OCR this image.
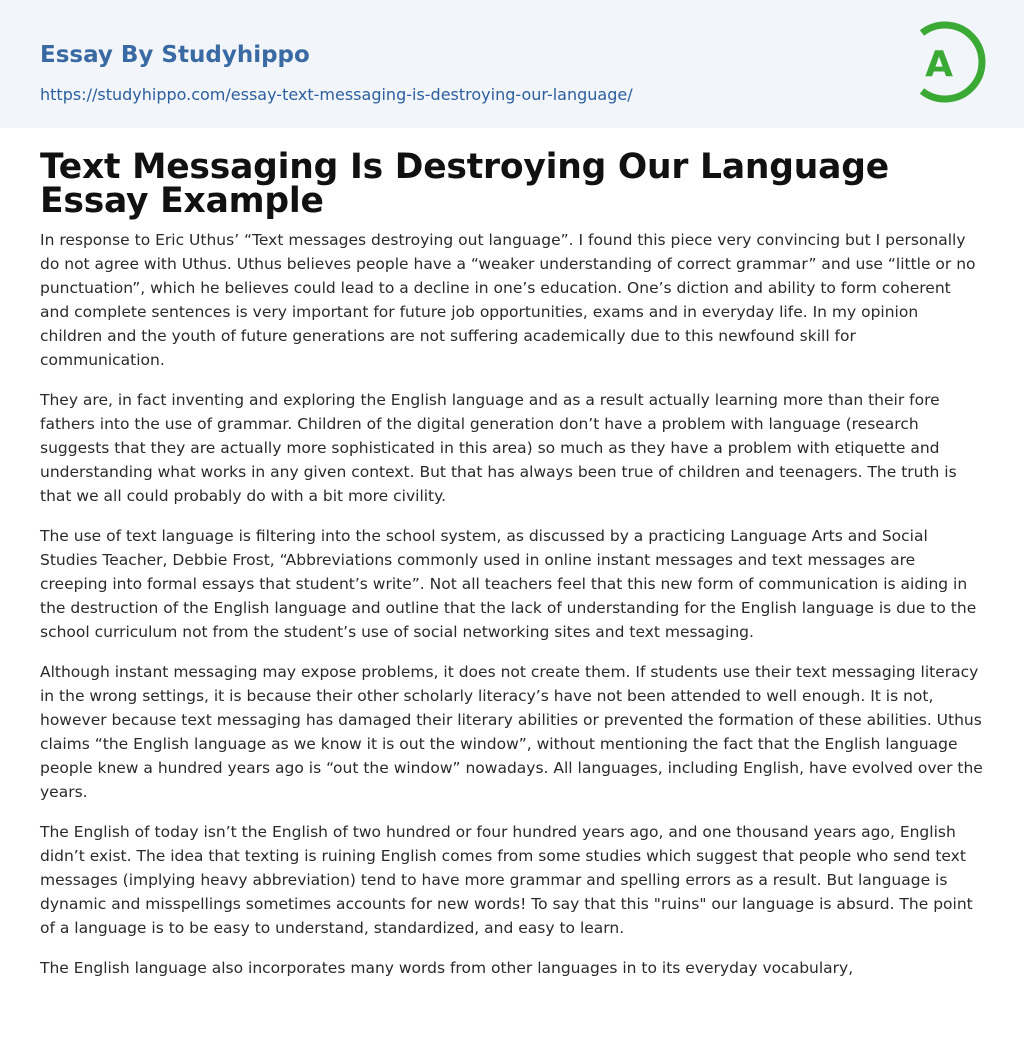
Essay By Studyhippo
https://studyhippo.com/essay-text-messaging-is-destroying-our-language/
A
Text Messaging Is Destroying Our Language Essay Example

In response to Eric Uthus’ “Text messages destroying out language”. I found this piece very convincing but I personally do not agree with Uthus. Uthus believes people have a “weaker understanding of correct grammar” and use “little or no punctuation”, which he believes could lead to a decline in one’s education. One’s diction and ability to form coherent and complete sentences is very important for future job opportunities, exams and in everyday life. In my opinion children and the youth of future generations are not suffering academically due to this newfound skill for communication.

They are, in fact inventing and exploring the English language and as a result actually learning more than their fore fathers into the use of grammar. Children of the digital generation don’t have a problem with language (research suggests that they are actually more sophisticated in this area) so much as they have a problem with etiquette and understanding what works in any given context. But that has always been true of children and teenagers. The truth is that we all could probably do with a bit more civility.

The use of text language is filtering into the school system, as discussed by a practicing Language Arts and Social Studies Teacher, Debbie Frost, “Abbreviations commonly used in online instant messages and text messages are creeping into formal essays that student’s write”. Not all teachers feel that this new form of communication is aiding in the destruction of the English language and outline that the lack of understanding for the English language is due to the school curriculum not from the student’s use of social networking sites and text messaging.

Although instant messaging may expose problems, it does not create them. If students use their text messaging literacy in the wrong settings, it is because their other scholarly literacy’s have not been attended to well enough. It is not, however because text messaging has damaged their literary abilities or prevented the formation of these abilities. Uthus claims “the English language as we know it is out the window”, without mentioning the fact that the English language people knew a hundred years ago is “out the window” nowadays. All languages, including English, have evolved over the years.

The English of today isn’t the English of two hundred or four hundred years ago, and one thousand years ago, English didn’t exist. The idea that texting is ruining English comes from some studies which suggest that people who send text messages (implying heavy abbreviation) tend to have more grammar and spelling errors as a result. But language is dynamic and misspellings sometimes accounts for new words! To say that this "ruins" our language is absurd. The point of a language is to be easy to understand, standardized, and easy to learn.

The English language also incorporates many words from other languages in to its everyday vocabulary,
